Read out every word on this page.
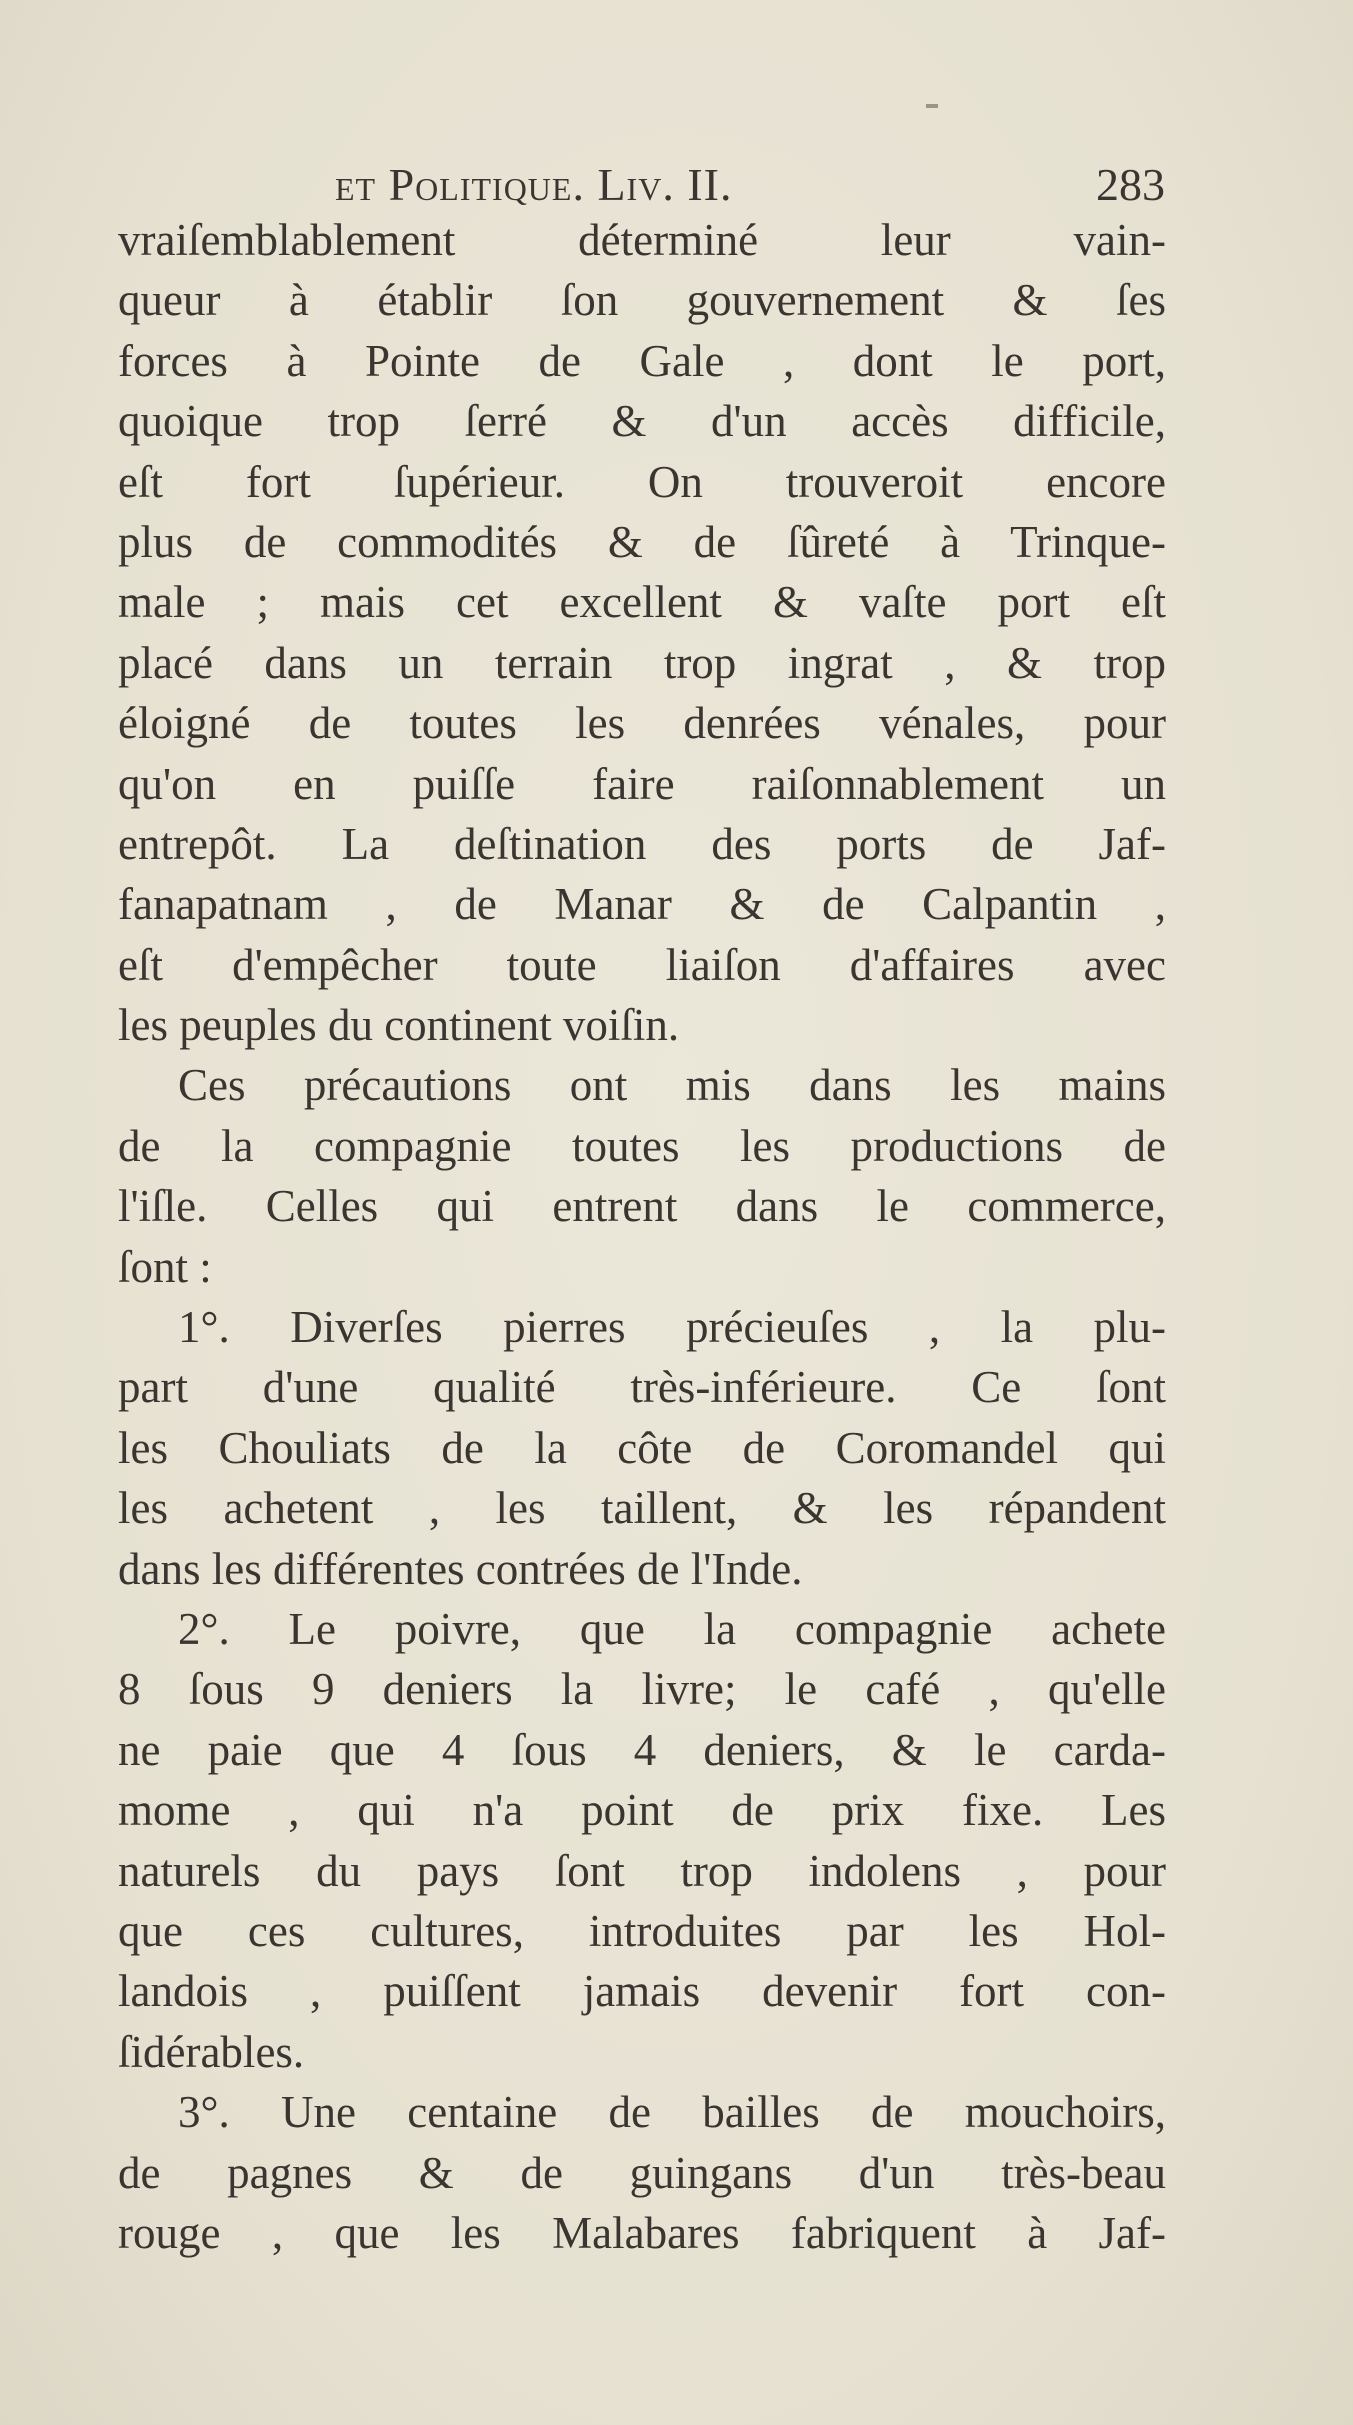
et Politique. Liv. II.	283
vraiſemblablement déterminé leur vain-
queur à établir ſon gouvernement & ſes
forces à Pointe de Gale , dont le port,
quoique trop ſerré & d'un accès difficile,
eſt fort ſupérieur. On trouveroit encore
plus de commodités & de ſûreté à Trinque-
male ; mais cet excellent & vaſte port eſt
placé dans un terrain trop ingrat , & trop
éloigné de toutes les denrées vénales, pour
qu'on en puiſſe faire raiſonnablement un
entrepôt. La deſtination des ports de Jaf-
fanapatnam , de Manar & de Calpantin ,
eſt d'empêcher toute liaiſon d'affaires avec
les peuples du continent voiſin.
Ces précautions ont mis dans les mains
de la compagnie toutes les productions de
l'iſle. Celles qui entrent dans le commerce,
ſont :
1°. Diverſes pierres précieuſes , la plu-
part d'une qualité très-inférieure. Ce ſont
les Chouliats de la côte de Coromandel qui
les achetent , les taillent, & les répandent
dans les différentes contrées de l'Inde.
2°. Le poivre, que la compagnie achete
8 ſous 9 deniers la livre; le café , qu'elle
ne paie que 4 ſous 4 deniers, & le carda-
mome , qui n'a point de prix fixe. Les
naturels du pays ſont trop indolens , pour
que ces cultures, introduites par les Hol-
landois , puiſſent jamais devenir fort con-
ſidérables.
3°. Une centaine de bailles de mouchoirs,
de pagnes & de guingans d'un très-beau
rouge , que les Malabares fabriquent à Jaf-
